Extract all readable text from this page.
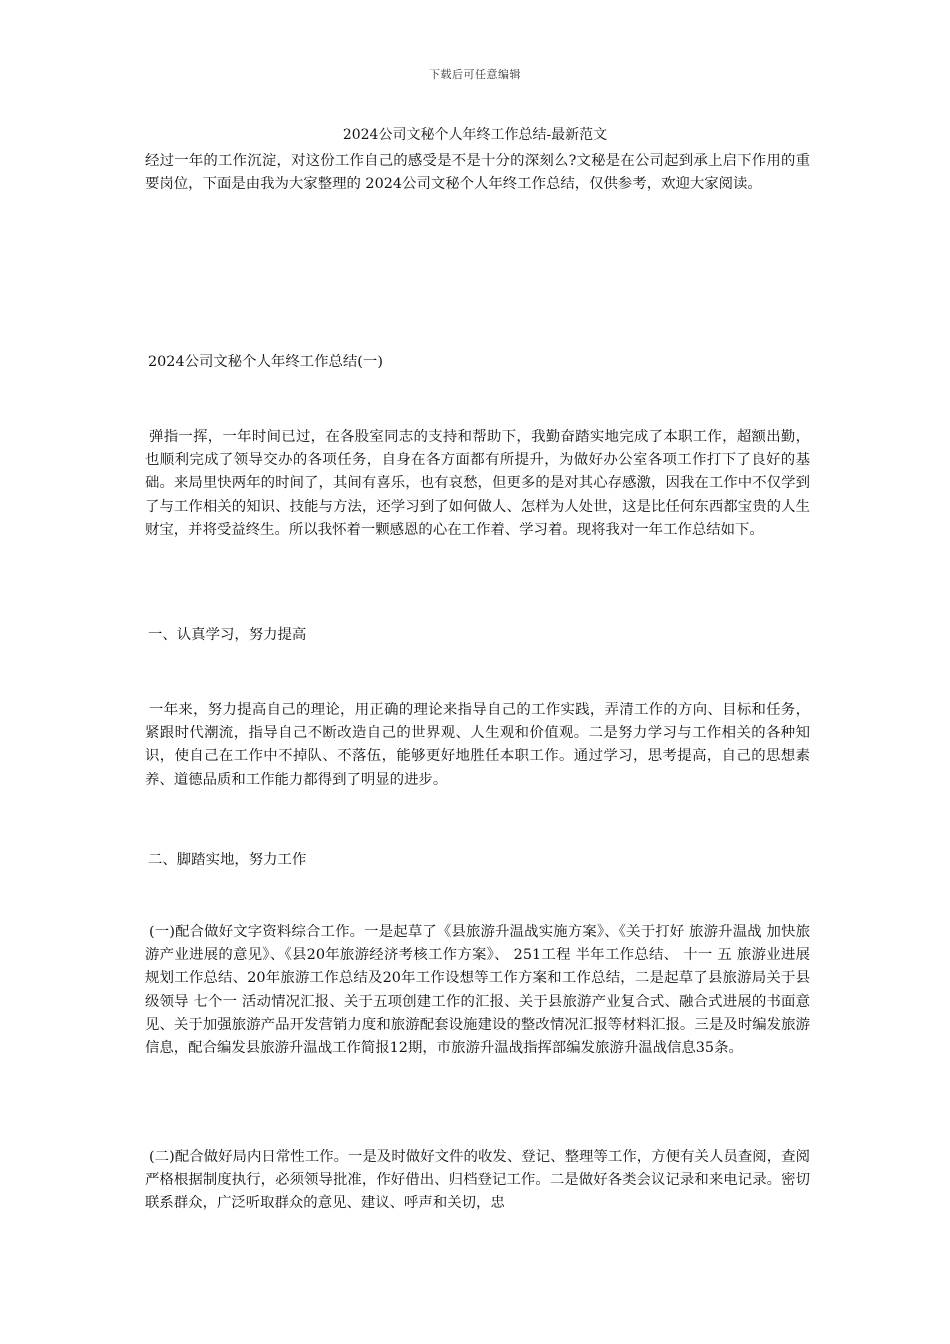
下载后可任意编辑
2024公司文秘个人年终工作总结-最新范文

经过一年的工作沉淀，对这份工作自己的感受是不是十分的深刻么?文秘是在公司起到承上启下作用的重要岗位，下面是由我为大家整理的 2024公司文秘个人年终工作总结，仅供参考，欢迎大家阅读。

2024公司文秘个人年终工作总结(一)

弹指一挥，一年时间已过，在各股室同志的支持和帮助下，我勤奋踏实地完成了本职工作，超额出勤，也顺利完成了领导交办的各项任务，自身在各方面都有所提升，为做好办公室各项工作打下了良好的基础。来局里快两年的时间了，其间有喜乐，也有哀愁，但更多的是对其心存感激，因我在工作中不仅学到了与工作相关的知识、技能与方法，还学习到了如何做人、怎样为人处世，这是比任何东西都宝贵的人生财宝，并将受益终生。所以我怀着一颗感恩的心在工作着、学习着。现将我对一年工作总结如下。

一、认真学习，努力提高

一年来，努力提高自己的理论，用正确的理论来指导自己的工作实践，弄清工作的方向、目标和任务，紧跟时代潮流，指导自己不断改造自己的世界观、人生观和价值观。二是努力学习与工作相关的各种知识，使自己在工作中不掉队、不落伍，能够更好地胜任本职工作。通过学习，思考提高，自己的思想素养、道德品质和工作能力都得到了明显的进步。

二、脚踏实地，努力工作

(一)配合做好文字资料综合工作。一是起草了《县旅游升温战实施方案》、《关于打好 旅游升温战 加快旅游产业进展的意见》、《县20年旅游经济考核工作方案》、 251工程 半年工作总结、 十一 五 旅游业进展规划工作总结、20年旅游工作总结及20年工作设想等工作方案和工作总结，二是起草了县旅游局关于县级领导 七个一 活动情况汇报、关于五项创建工作的汇报、关于县旅游产业复合式、融合式进展的书面意见、关于加强旅游产品开发营销力度和旅游配套设施建设的整改情况汇报等材料汇报。三是及时编发旅游信息，配合编发县旅游升温战工作简报12期，市旅游升温战指挥部编发旅游升温战信息35条。

(二)配合做好局内日常性工作。一是及时做好文件的收发、登记、整理等工作，方便有关人员查阅，查阅严格根据制度执行，必须领导批准，作好借出、归档登记工作。二是做好各类会议记录和来电记录。密切联系群众，广泛听取群众的意见、建议、呼声和关切，忠
